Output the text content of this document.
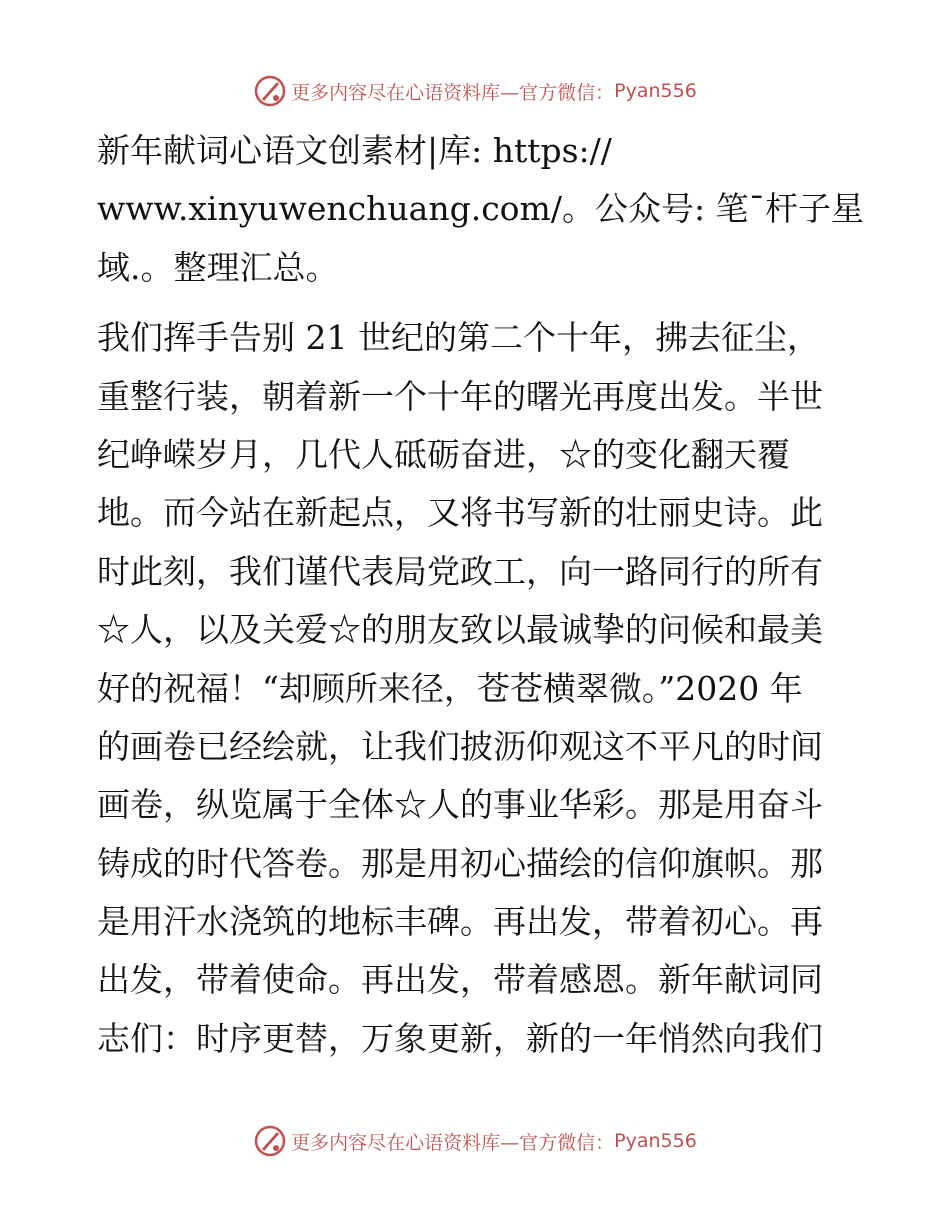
更多内容尽在心语资料库—官方微信： Pyan556
新年献词心语文创素材|库: https://
www.xinyuwenchuang.com/。公众号: 笔¯杆子星
域.。整理汇总。
我们挥手告别 21 世纪的第二个十年，拂去征尘，
重整行装，朝着新一个十年的曙光再度出发。半世
纪峥嵘岁月，几代人砥砺奋进，☆的变化翻天覆
地。而今站在新起点，又将书写新的壮丽史诗。此
时此刻，我们谨代表局党政工，向一路同行的所有
☆人，以及关爱☆的朋友致以最诚挚的问候和最美
好的祝福！“却顾所来径，苍苍横翠微。”2020 年
的画卷已经绘就，让我们披沥仰观这不平凡的时间
画卷，纵览属于全体☆人的事业华彩。那是用奋斗
铸成的时代答卷。那是用初心描绘的信仰旗帜。那
是用汗水浇筑的地标丰碑。再出发，带着初心。再
出发，带着使命。再出发，带着感恩。新年献词同
志们：时序更替，万象更新，新的一年悄然向我们
更多内容尽在心语资料库—官方微信： Pyan556
